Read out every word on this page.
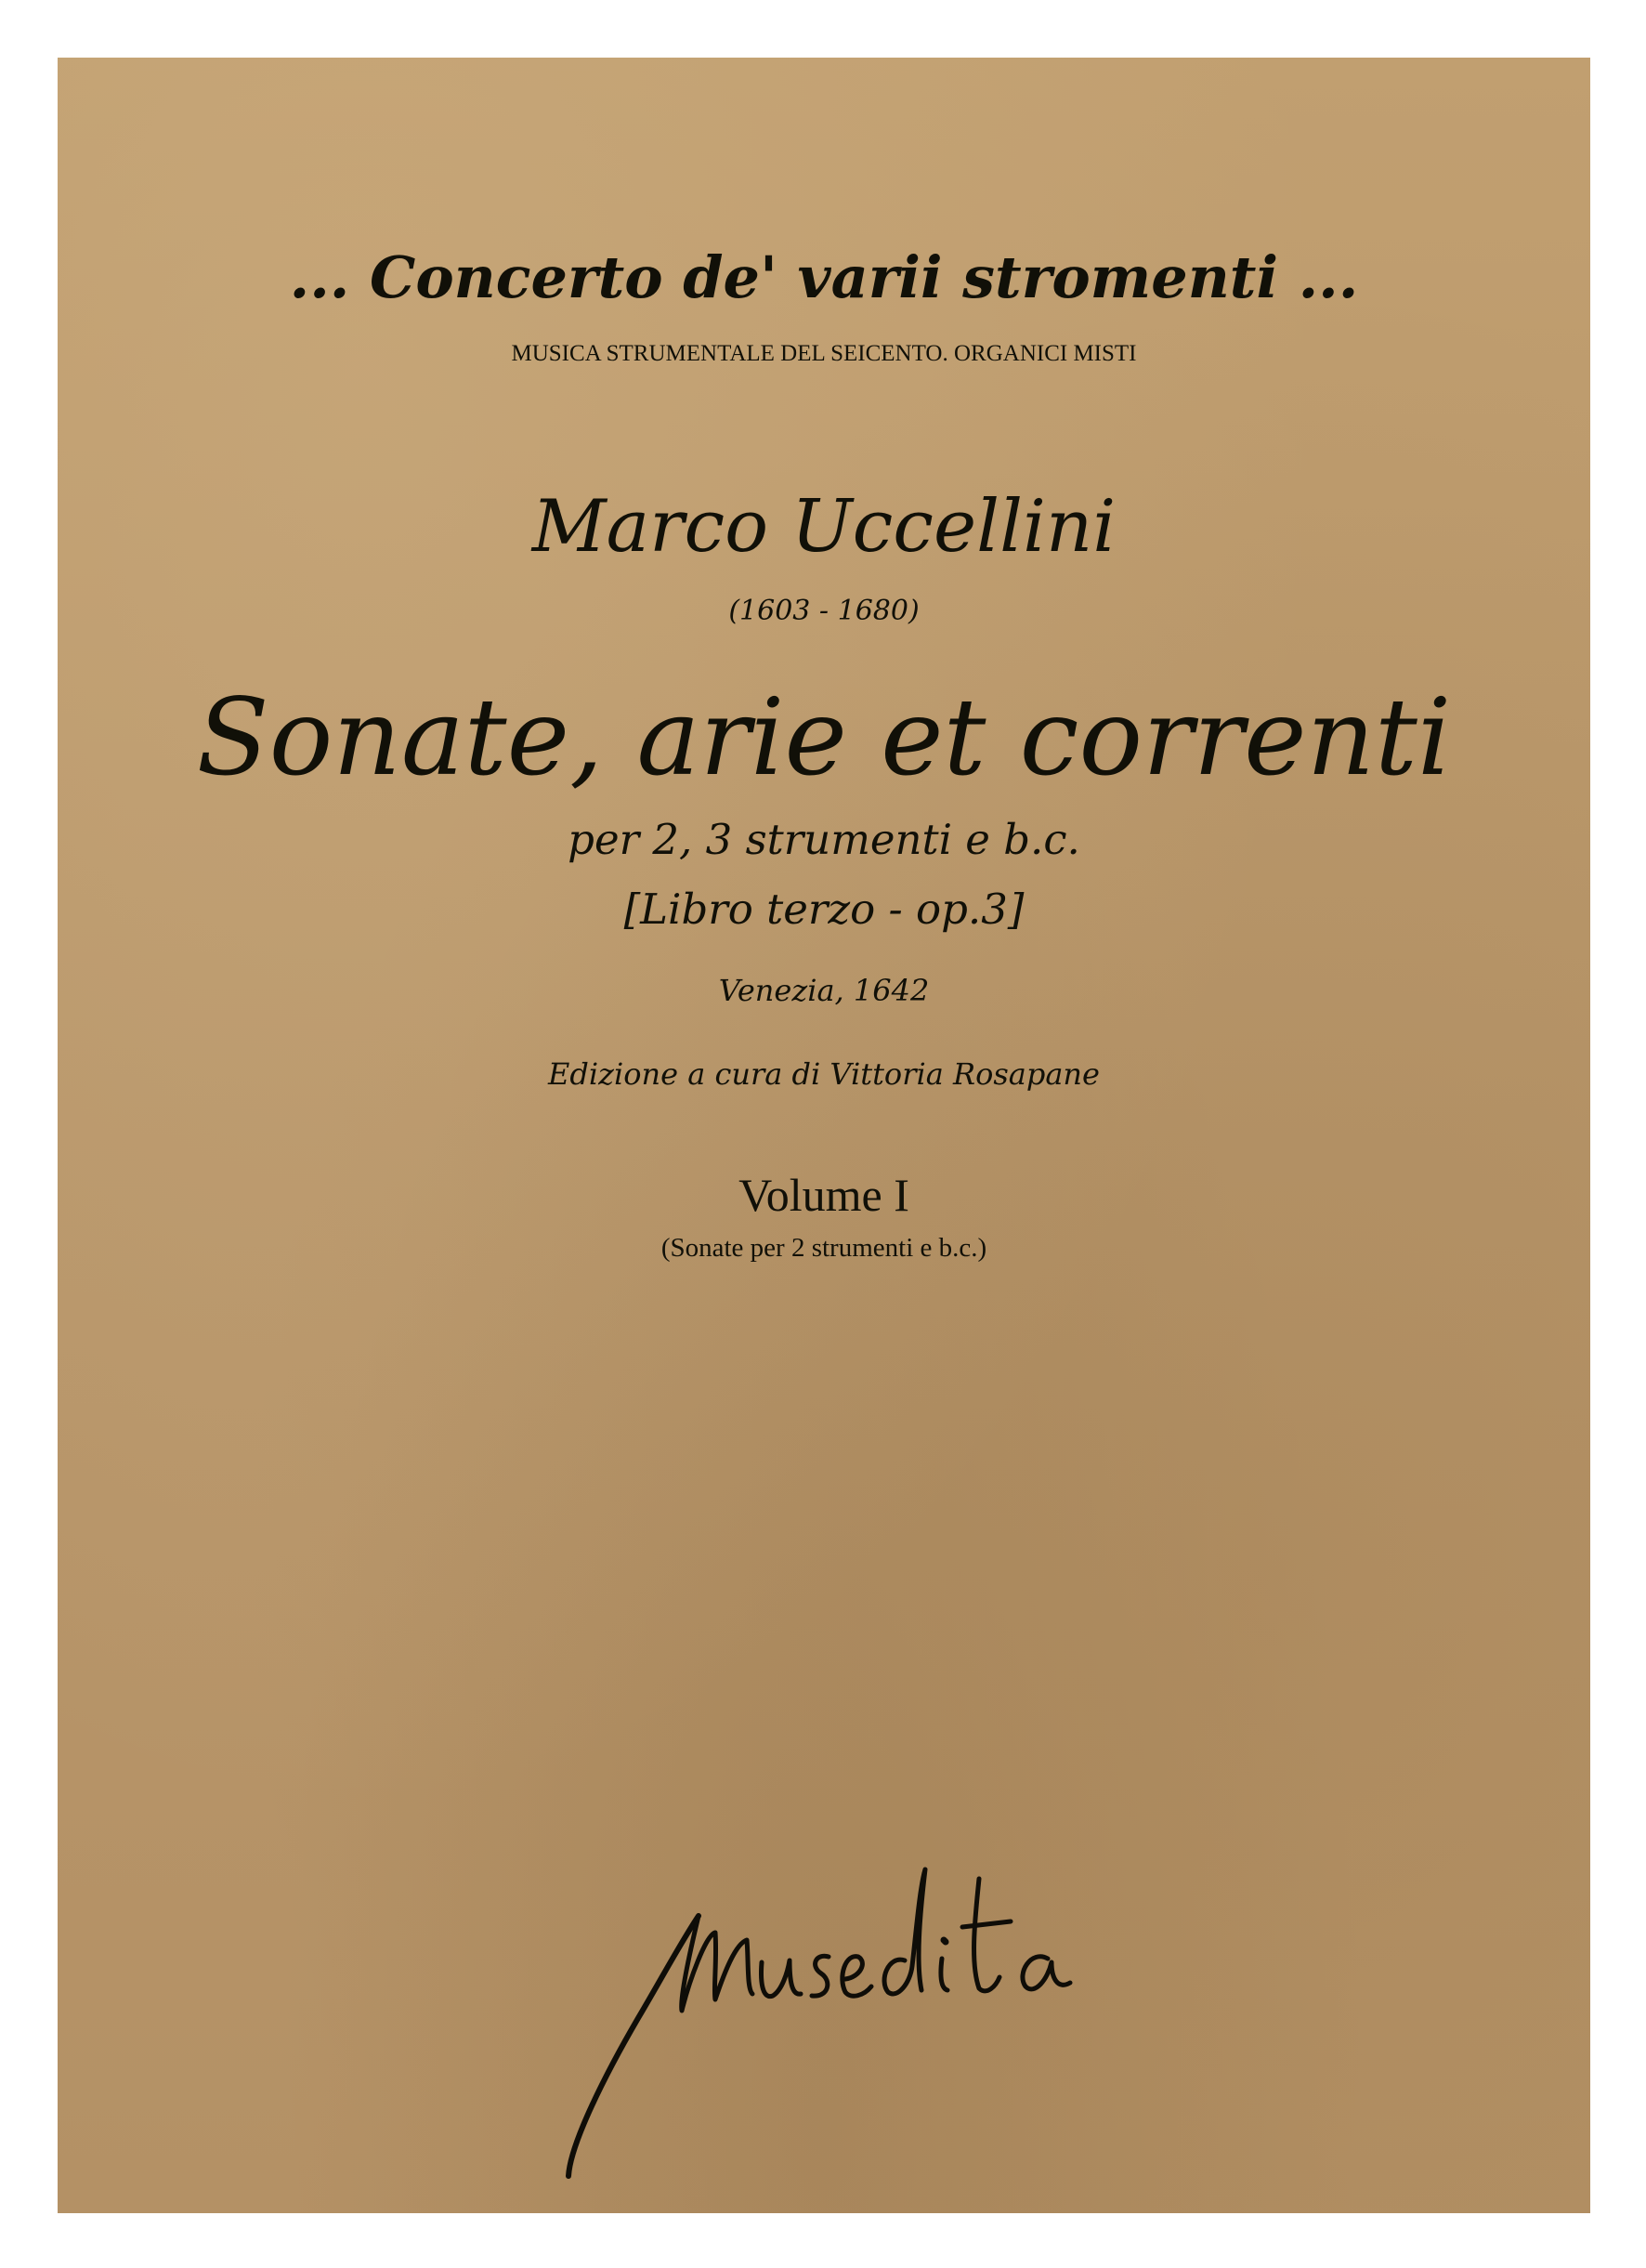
... Concerto de' varii stromenti ...
MUSICA STRUMENTALE DEL SEICENTO. ORGANICI MISTI
Marco Uccellini
(1603 - 1680)
Sonate, arie et correnti
per 2, 3 strumenti e b.c.
[Libro terzo - op.3]
Venezia, 1642
Edizione a cura di Vittoria Rosapane
Volume I
(Sonate per 2 strumenti e b.c.)
